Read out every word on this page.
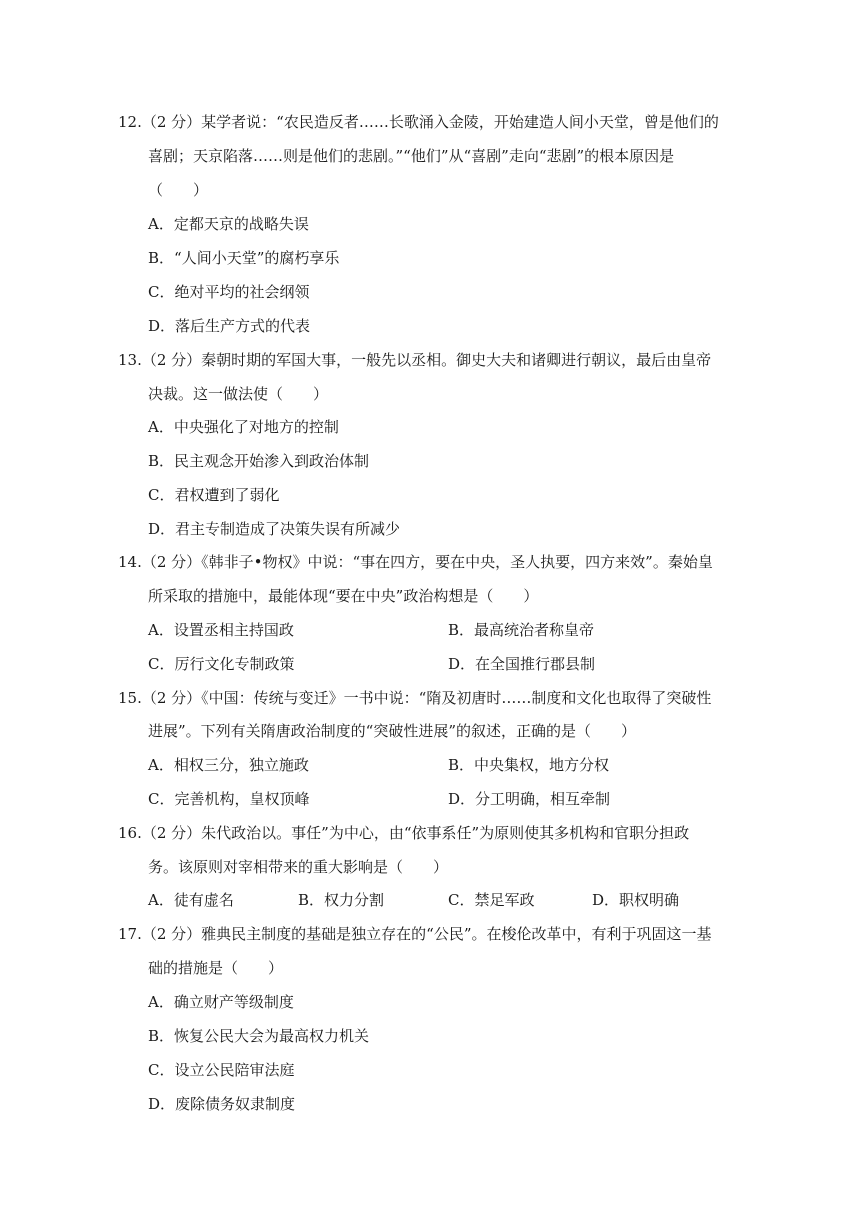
12.（2 分）某学者说：“农民造反者……长歌涌入金陵，开始建造人间小天堂，曾是他们的
喜剧；天京陷落……则是他们的悲剧。”“他们”从“喜剧”走向“悲剧”的根本原因是
（　　）
A．定都天京的战略失误
B．“人间小天堂”的腐朽享乐
C．绝对平均的社会纲领
D．落后生产方式的代表
13.（2 分）秦朝时期的军国大事，一般先以丞相。御史大夫和诸卿进行朝议，最后由皇帝
决裁。这一做法使（　　）
A．中央强化了对地方的控制
B．民主观念开始渗入到政治体制
C．君权遭到了弱化
D．君主专制造成了决策失误有所减少
14.（2 分）《韩非子•物权》中说：“事在四方，要在中央，圣人执要，四方来效”。秦始皇
所采取的措施中，最能体现“要在中央”政治构想是（　　）
A．设置丞相主持国政	B．最高统治者称皇帝
C．厉行文化专制政策	D．在全国推行郡县制
15.（2 分）《中国：传统与变迁》一书中说：“隋及初唐时……制度和文化也取得了突破性
进展”。下列有关隋唐政治制度的“突破性进展”的叙述，正确的是（　　）
A．相权三分，独立施政	B．中央集权，地方分权
C．完善机构，皇权顶峰	D．分工明确，相互牵制
16.（2 分）朱代政治以。事任”为中心，由“依事系任”为原则使其多机构和官职分担政
务。该原则对宰相带来的重大影响是（　　）
A．徒有虚名	B．权力分割	C．禁足军政	D．职权明确
17.（2 分）雅典民主制度的基础是独立存在的“公民”。在梭伦改革中，有利于巩固这一基
础的措施是（　　）
A．确立财产等级制度
B．恢复公民大会为最高权力机关
C．设立公民陪审法庭
D．废除债务奴隶制度
